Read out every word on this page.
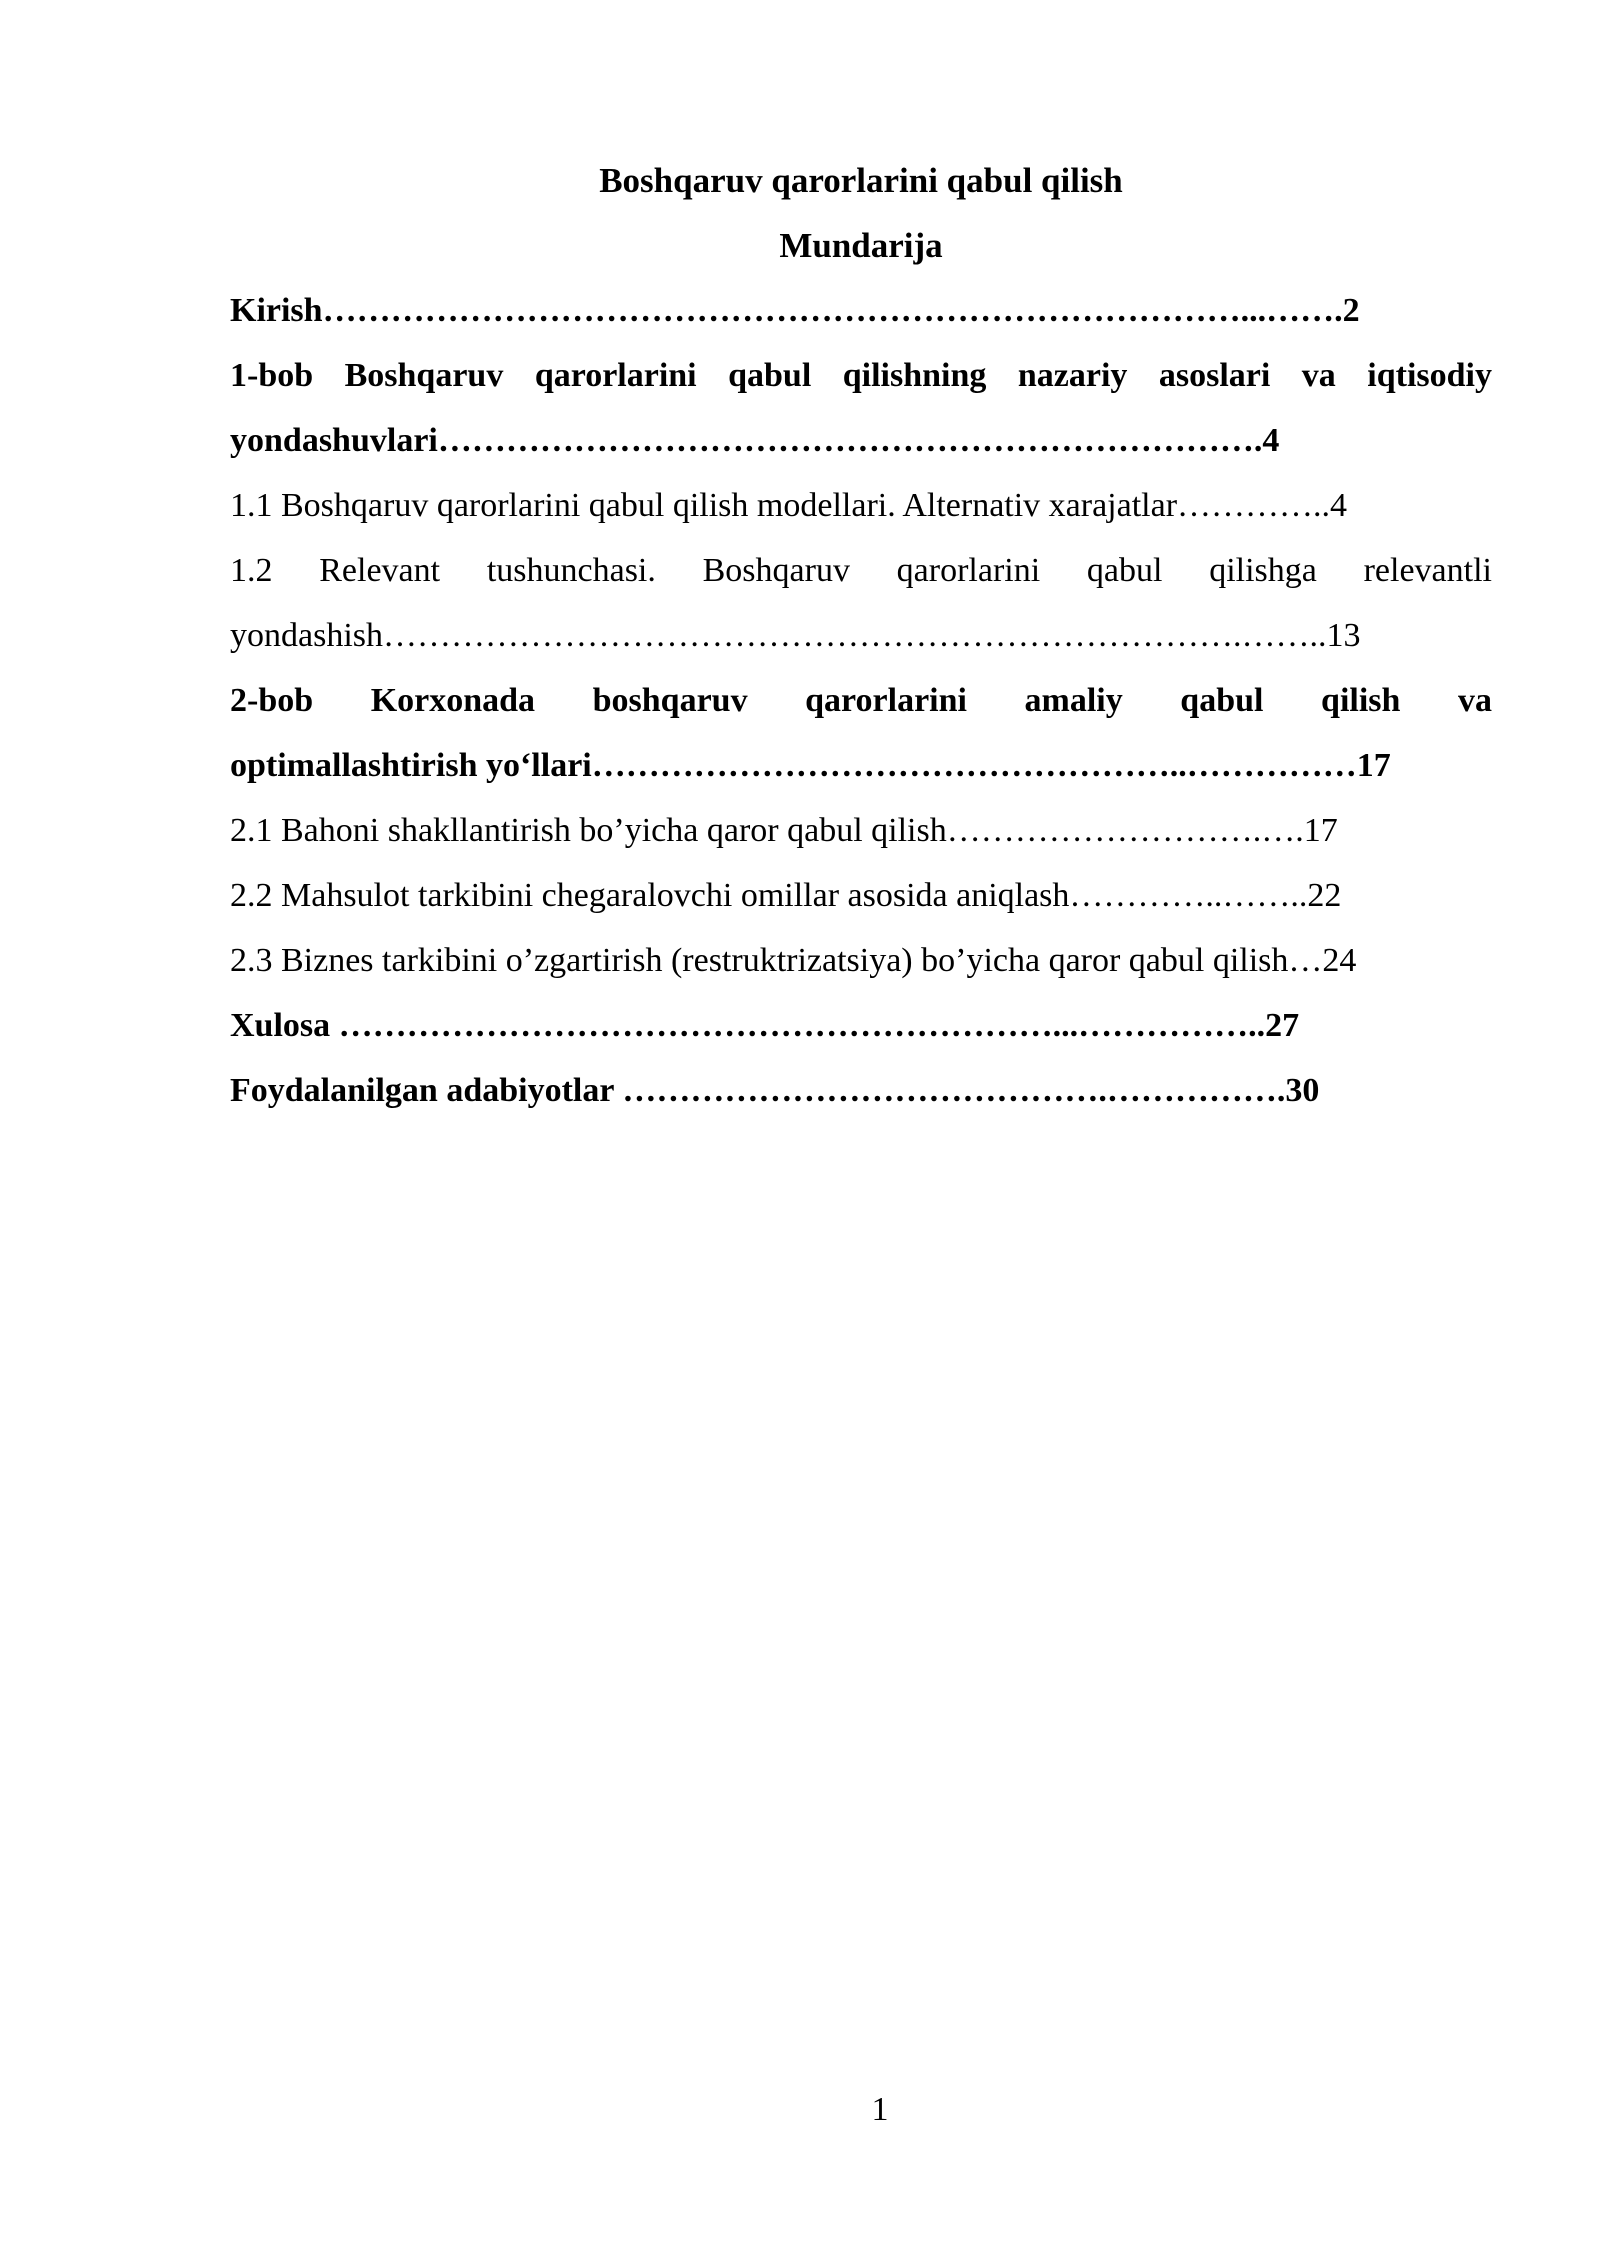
Boshqaruv qarorlarini qabul qilish

Mundarija

Kirish………………………………………………………………………...…….2

1-bob Boshqaruv qarorlarini qabul qilishning nazariy asoslari va iqtisodiy

yondashuvlari……………………………………………………………….4

1.1 Boshqaruv qarorlarini qabul qilish modellari. Alternativ xarajatlar…………..4

1.2 Relevant tushunchasi. Boshqaruv qarorlarini qabul qilishga relevantli

yondashish………………………………………………………………….……..13

2-bob Korxonada boshqaruv qarorlarini amaliy qabul qilish va

optimallashtirish yo‘llari……………………………………………..……………17

2.1 Bahoni shakllantirish bo’yicha qaror qabul qilish……………………….….17

2.2 Mahsulot tarkibini chegaralovchi omillar asosida aniqlash…………..……..22

2.3 Biznes tarkibini o’zgartirish (restruktrizatsiya) bo’yicha qaror qabul qilish…24

Xulosa ………………………………………………………...……………..27

Foydalanilgan adabiyotlar …………………………………….…………….30

1
